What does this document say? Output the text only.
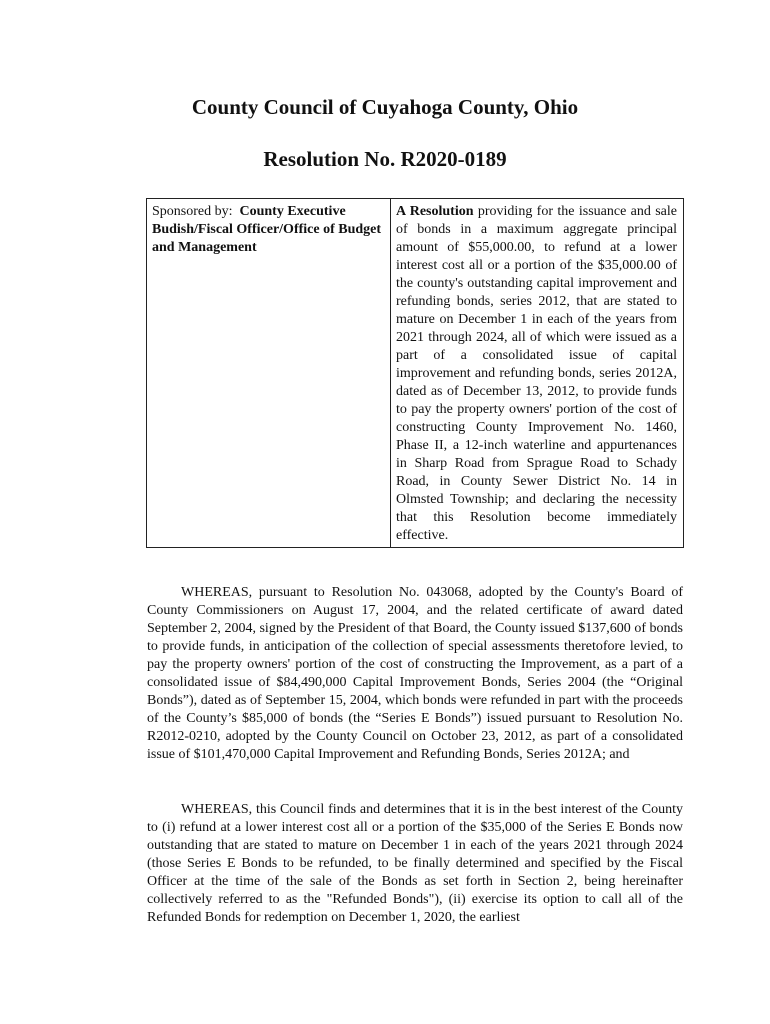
County Council of Cuyahoga County, Ohio
Resolution No. R2020-0189
Sponsored by: County Executive Budish/Fiscal Officer/Office of Budget and Management	A Resolution providing for the issuance and sale of bonds in a maximum aggregate principal amount of $55,000.00, to refund at a lower interest cost all or a portion of the $35,000.00 of the county's outstanding capital improvement and refunding bonds, series 2012, that are stated to mature on December 1 in each of the years from 2021 through 2024, all of which were issued as a part of a consolidated issue of capital improvement and refunding bonds, series 2012A, dated as of December 13, 2012, to provide funds to pay the property owners' portion of the cost of constructing County Improvement No. 1460, Phase II, a 12-inch waterline and appurtenances in Sharp Road from Sprague Road to Schady Road, in County Sewer District No. 14 in Olmsted Township; and declaring the necessity that this Resolution become immediately effective.

WHEREAS, pursuant to Resolution No. 043068, adopted by the County's Board of County Commissioners on August 17, 2004, and the related certificate of award dated September 2, 2004, signed by the President of that Board, the County issued $137,600 of bonds to provide funds, in anticipation of the collection of special assessments theretofore levied, to pay the property owners' portion of the cost of constructing the Improvement, as a part of a consolidated issue of $84,490,000 Capital Improvement Bonds, Series 2004 (the “Original Bonds”), dated as of September 15, 2004, which bonds were refunded in part with the proceeds of the County’s $85,000 of bonds (the “Series E Bonds”) issued pursuant to Resolution No. R2012-0210, adopted by the County Council on October 23, 2012, as part of a consolidated issue of $101,470,000 Capital Improvement and Refunding Bonds, Series 2012A; and

WHEREAS, this Council finds and determines that it is in the best interest of the County to (i) refund at a lower interest cost all or a portion of the $35,000 of the Series E Bonds now outstanding that are stated to mature on December 1 in each of the years 2021 through 2024 (those Series E Bonds to be refunded, to be finally determined and specified by the Fiscal Officer at the time of the sale of the Bonds as set forth in Section 2, being hereinafter collectively referred to as the "Refunded Bonds"), (ii) exercise its option to call all of the Refunded Bonds for redemption on December 1, 2020, the earliest
